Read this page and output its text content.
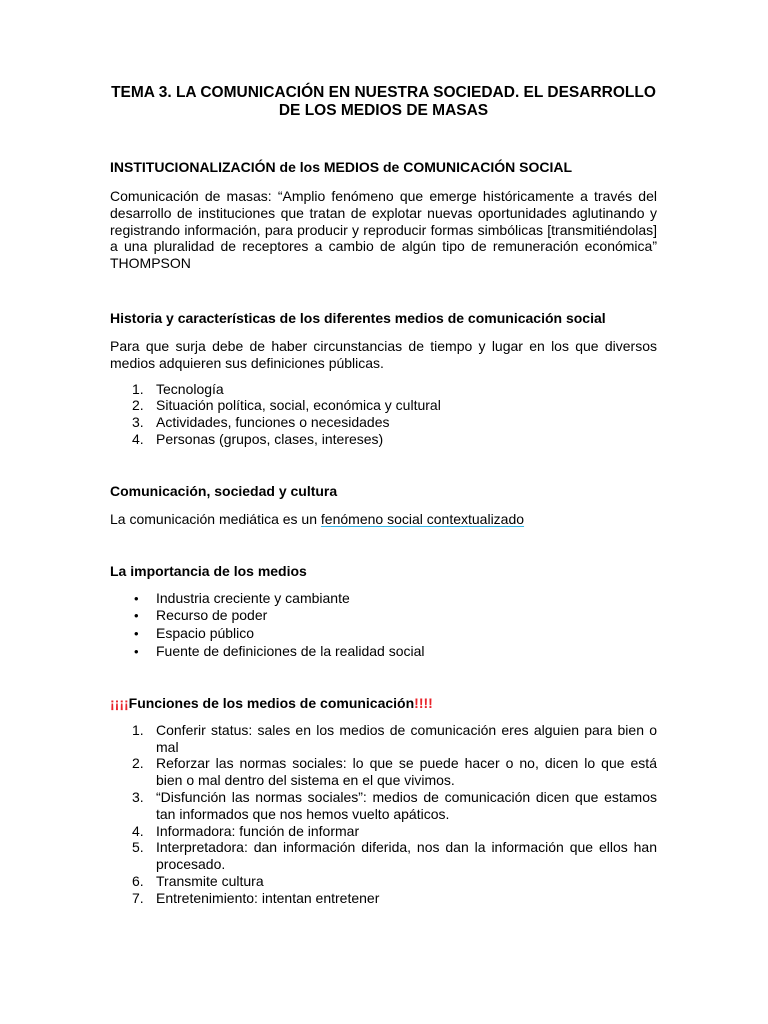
TEMA 3. LA COMUNICACIÓN EN NUESTRA SOCIEDAD. EL DESARROLLO DE LOS MEDIOS DE MASAS
INSTITUCIONALIZACIÓN de los MEDIOS de COMUNICACIÓN SOCIAL

Comunicación de masas: “Amplio fenómeno que emerge históricamente a través del desarrollo de instituciones que tratan de explotar nuevas oportunidades aglutinando y registrando información, para producir y reproducir formas simbólicas [transmitiéndolas] a una pluralidad de receptores a cambio de algún tipo de remuneración económica” THOMPSON

Historia y características de los diferentes medios de comunicación social

Para que surja debe de haber circunstancias de tiempo y lugar en los que diversos medios adquieren sus definiciones públicas.

1. Tecnología
2. Situación política, social, económica y cultural
3. Actividades, funciones o necesidades
4. Personas (grupos, clases, intereses)
Comunicación, sociedad y cultura

La comunicación mediática es un fenómeno social contextualizado

La importancia de los medios
• Industria creciente y cambiante
• Recurso de poder
• Espacio público
• Fuente de definiciones de la realidad social
¡¡¡¡Funciones de los medios de comunicación!!!!
1. Conferir status: sales en los medios de comunicación eres alguien para bien o mal
2. Reforzar las normas sociales: lo que se puede hacer o no, dicen lo que está bien o mal dentro del sistema en el que vivimos.
3. “Disfunción las normas sociales”: medios de comunicación dicen que estamos tan informados que nos hemos vuelto apáticos.
4. Informadora: función de informar
5. Interpretadora: dan información diferida, nos dan la información que ellos han procesado.
6. Transmite cultura
7. Entretenimiento: intentan entretener
